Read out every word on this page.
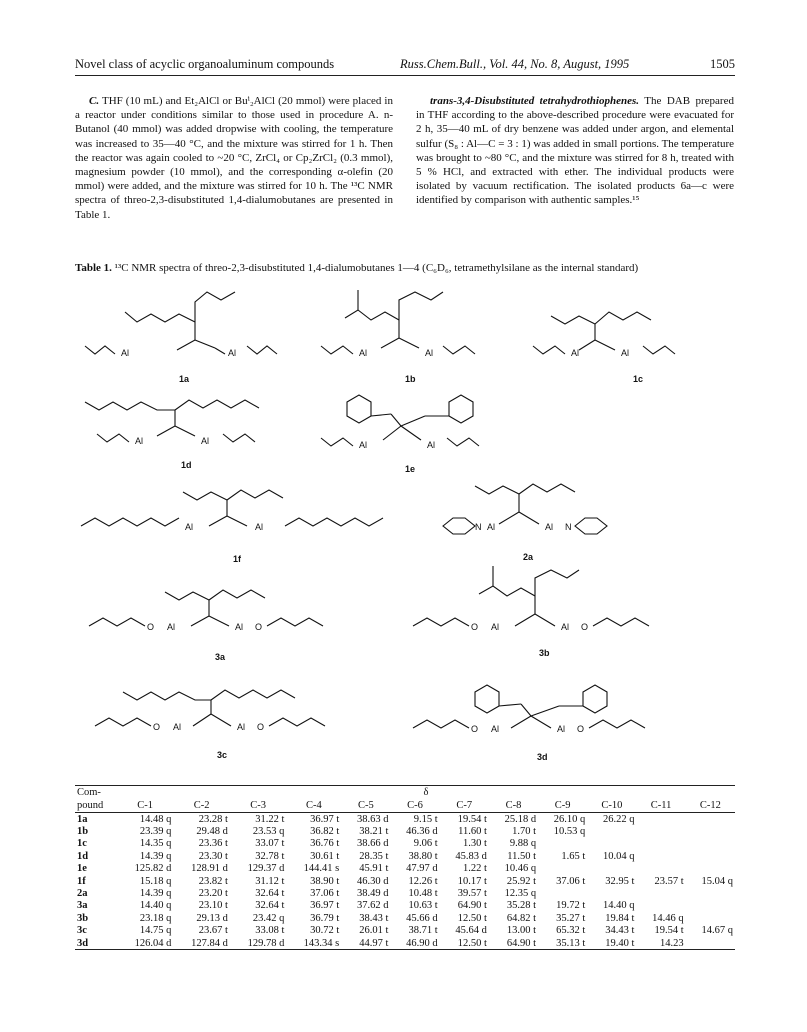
Novel class of acyclic organoaluminum compounds	Russ.Chem.Bull., Vol. 44, No. 8, August, 1995	1505

C. THF (10 mL) and Et₂AlCl or Buⁱ₂AlCl (20 mmol) were placed in a reactor under conditions similar to those used in procedure A. n-Butanol (40 mmol) was added dropwise with cooling, the temperature was increased to 35—40 °C, and the mixture was stirred for 1 h. Then the reactor was again cooled to ~20 °C, ZrCl₄ or Cp₂ZrCl₂ (0.3 mmol), magnesium powder (10 mmol), and the corresponding α-olefin (20 mmol) were added, and the mixture was stirred for 10 h. The ¹³C NMR spectra of threo-2,3-disubstituted 1,4-dialumobutanes are presented in Table 1.

trans-3,4-Disubstituted tetrahydrothiophenes. The DAB prepared in THF according to the above-described procedure were evacuated for 2 h, 35—40 mL of dry benzene was added under argon, and elemental sulfur (S₈ : Al—C = 3 : 1) was added in small portions. The temperature was brought to ~80 °C, and the mixture was stirred for 8 h, treated with 5 % HCl, and extracted with ether. The individual products were isolated by vacuum rectification. The isolated products 6a—c were identified by comparison with authentic samples.¹⁵

Table 1. ¹³C NMR spectra of threo-2,3-disubstituted 1,4-dialumobutanes 1—4 (C₆D₆, tetramethylsilane as the internal standard)
Al	Al
1a
Al	Al
1b
Al	Al
1c
Al	Al
1d
Al	Al
1e
Al	Al
1f
N Al	Al N
2a
O Al	Al O
3a
O Al	Al O
3b
O Al	Al O
3c
O Al	Al O
3d
Com-	δ											
pound	C-1	C-2	C-3	C-4	C-5	C-6	C-7	C-8	C-9	C-10	C-11	C-12
1a	14.48 q	23.28 t	31.22 t	36.97 t	38.63 d	9.15 t	19.54 t	25.18 d	26.10 q	26.22 q		
1b	23.39 q	29.48 d	23.53 q	36.82 t	38.21 t	46.36 d	11.60 t	1.70 t	10.53 q			
1c	14.35 q	23.36 t	33.07 t	36.76 t	38.66 d	9.06 t	1.30 t	9.88 q				
1d	14.39 q	23.30 t	32.78 t	30.61 t	28.35 t	38.80 t	45.83 d	11.50 t	1.65 t	10.04 q		
1e	125.82 d	128.91 d	129.37 d	144.41 s	45.91 t	47.97 d	1.22 t	10.46 q				
1f	15.18 q	23.82 t	31.12 t	38.90 t	46.30 d	12.26 t	10.17 t	25.92 t	37.06 t	32.95 t	23.57 t	15.04 q
2a	14.39 q	23.20 t	32.64 t	37.06 t	38.49 d	10.48 t	39.57 t	12.35 q				
3a	14.40 q	23.10 t	32.64 t	36.97 t	37.62 d	10.63 t	64.90 t	35.28 t	19.72 t	14.40 q		
3b	23.18 q	29.13 d	23.42 q	36.79 t	38.43 t	45.66 d	12.50 t	64.82 t	35.27 t	19.84 t	14.46 q	
3c	14.75 q	23.67 t	33.08 t	30.72 t	26.01 t	38.71 t	45.64 d	13.00 t	65.32 t	34.43 t	19.54 t	14.67 q
3d	126.04 d	127.84 d	129.78 d	143.34 s	44.97 t	46.90 d	12.50 t	64.90 t	35.13 t	19.40 t	14.23	
